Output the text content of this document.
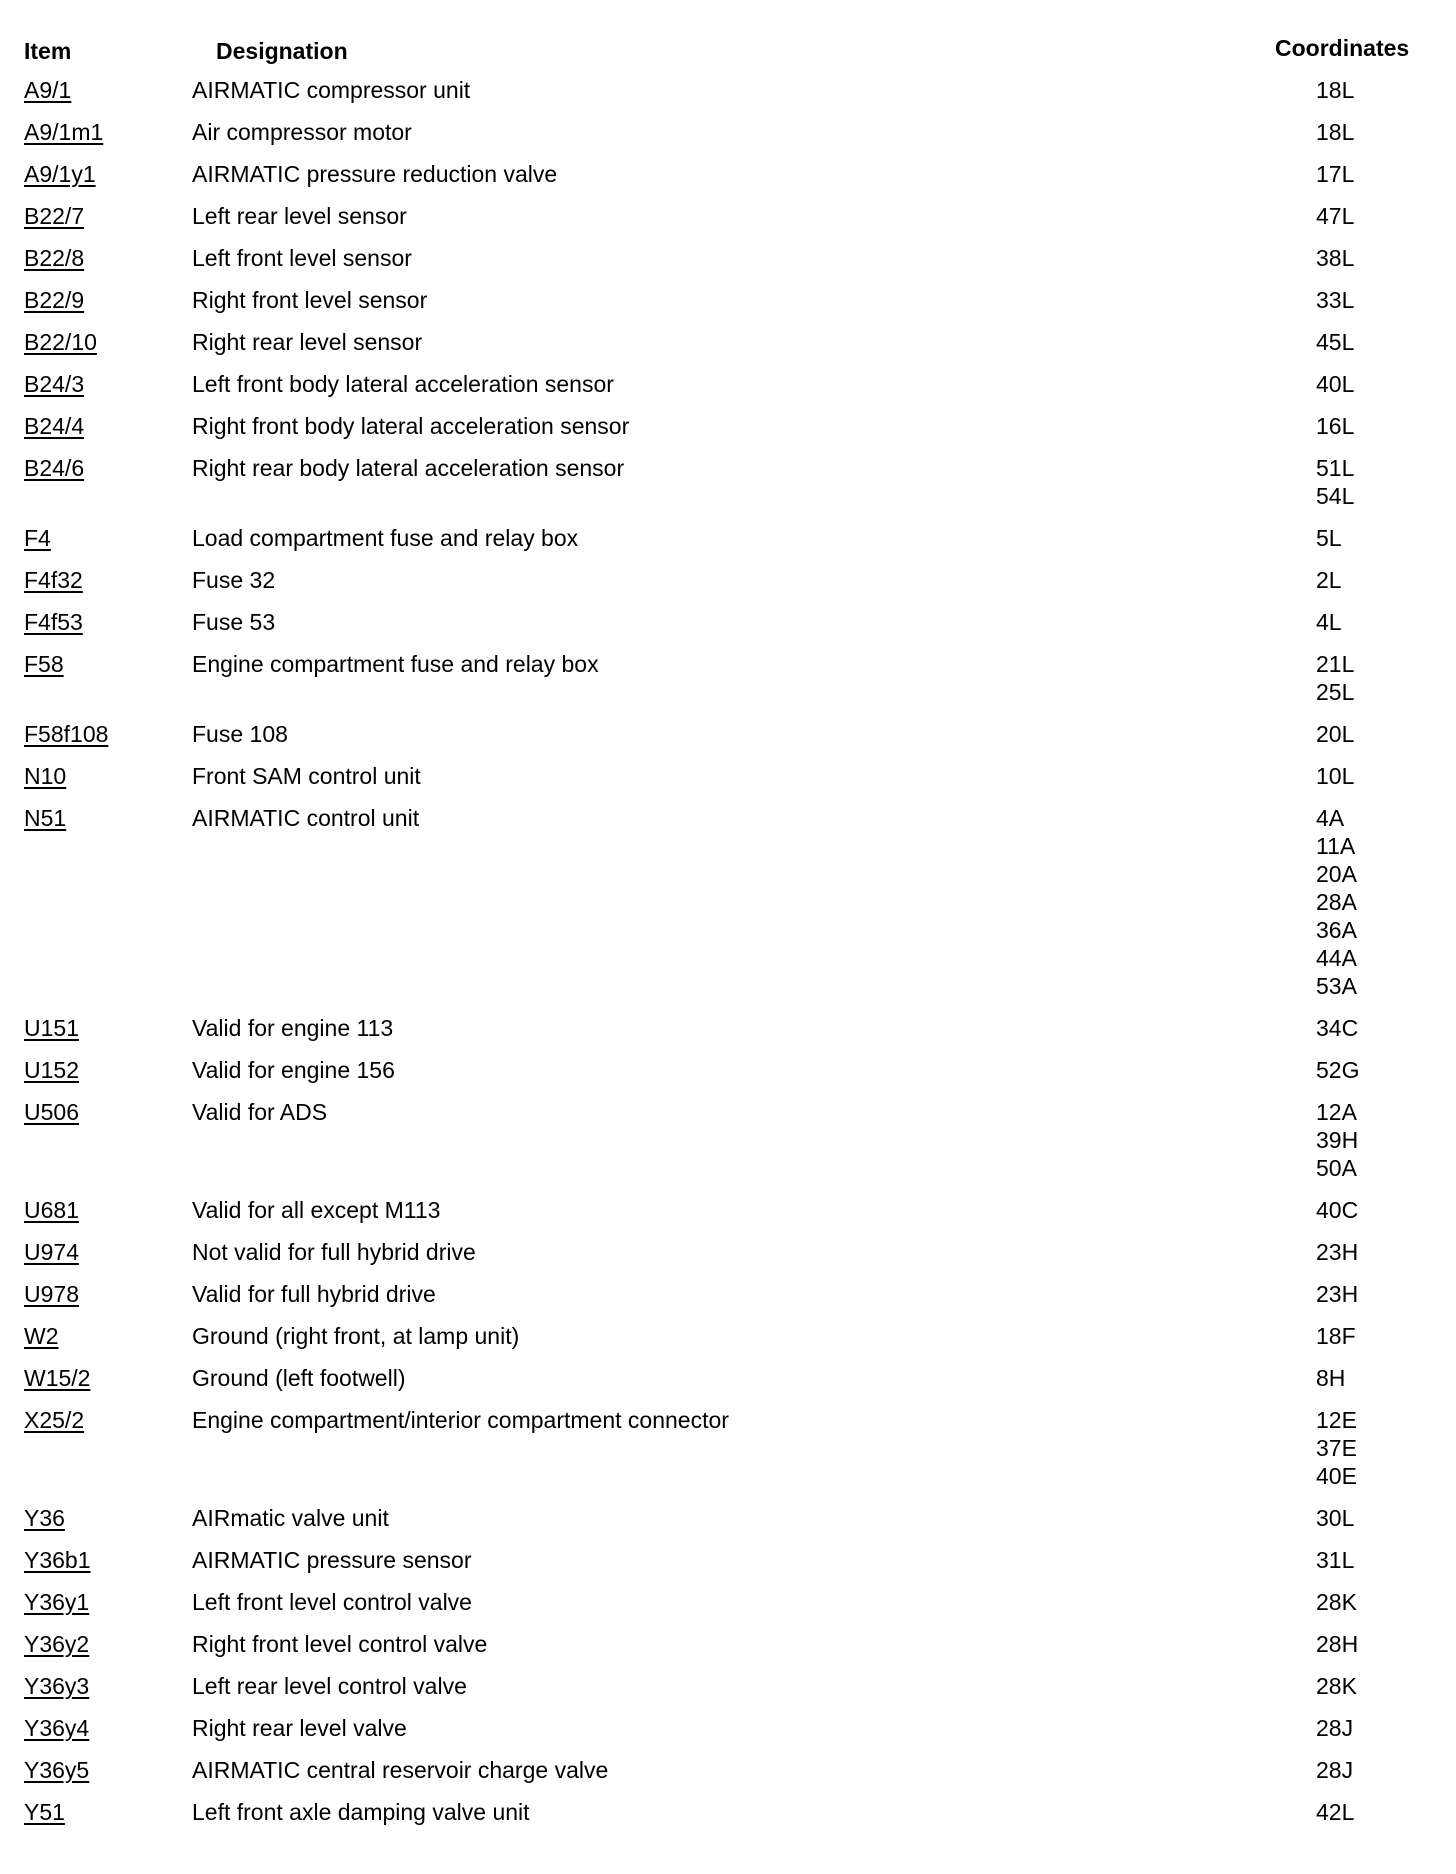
Item	Designation	Coordinates
A9/1	AIRMATIC compressor unit	18L
A9/1m1	Air compressor motor	18L
A9/1y1	AIRMATIC pressure reduction valve	17L
B22/7	Left rear level sensor	47L
B22/8	Left front level sensor	38L
B22/9	Right front level sensor	33L
B22/10	Right rear level sensor	45L
B24/3	Left front body lateral acceleration sensor	40L
B24/4	Right front body lateral acceleration sensor	16L
B24/6	Right rear body lateral acceleration sensor	51L
54L
F4	Load compartment fuse and relay box	5L
F4f32	Fuse 32	2L
F4f53	Fuse 53	4L
F58	Engine compartment fuse and relay box	21L
25L
F58f108	Fuse 108	20L
N10	Front SAM control unit	10L
N51	AIRMATIC control unit	4A
11A
20A
28A
36A
44A
53A
U151	Valid for engine 113	34C
U152	Valid for engine 156	52G
U506	Valid for ADS	12A
39H
50A
U681	Valid for all except M113	40C
U974	Not valid for full hybrid drive	23H
U978	Valid for full hybrid drive	23H
W2	Ground (right front, at lamp unit)	18F
W15/2	Ground (left footwell)	8H
X25/2	Engine compartment/interior compartment connector	12E
37E
40E
Y36	AIRmatic valve unit	30L
Y36b1	AIRMATIC pressure sensor	31L
Y36y1	Left front level control valve	28K
Y36y2	Right front level control valve	28H
Y36y3	Left rear level control valve	28K
Y36y4	Right rear level valve	28J
Y36y5	AIRMATIC central reservoir charge valve	28J
Y51	Left front axle damping valve unit	42L
